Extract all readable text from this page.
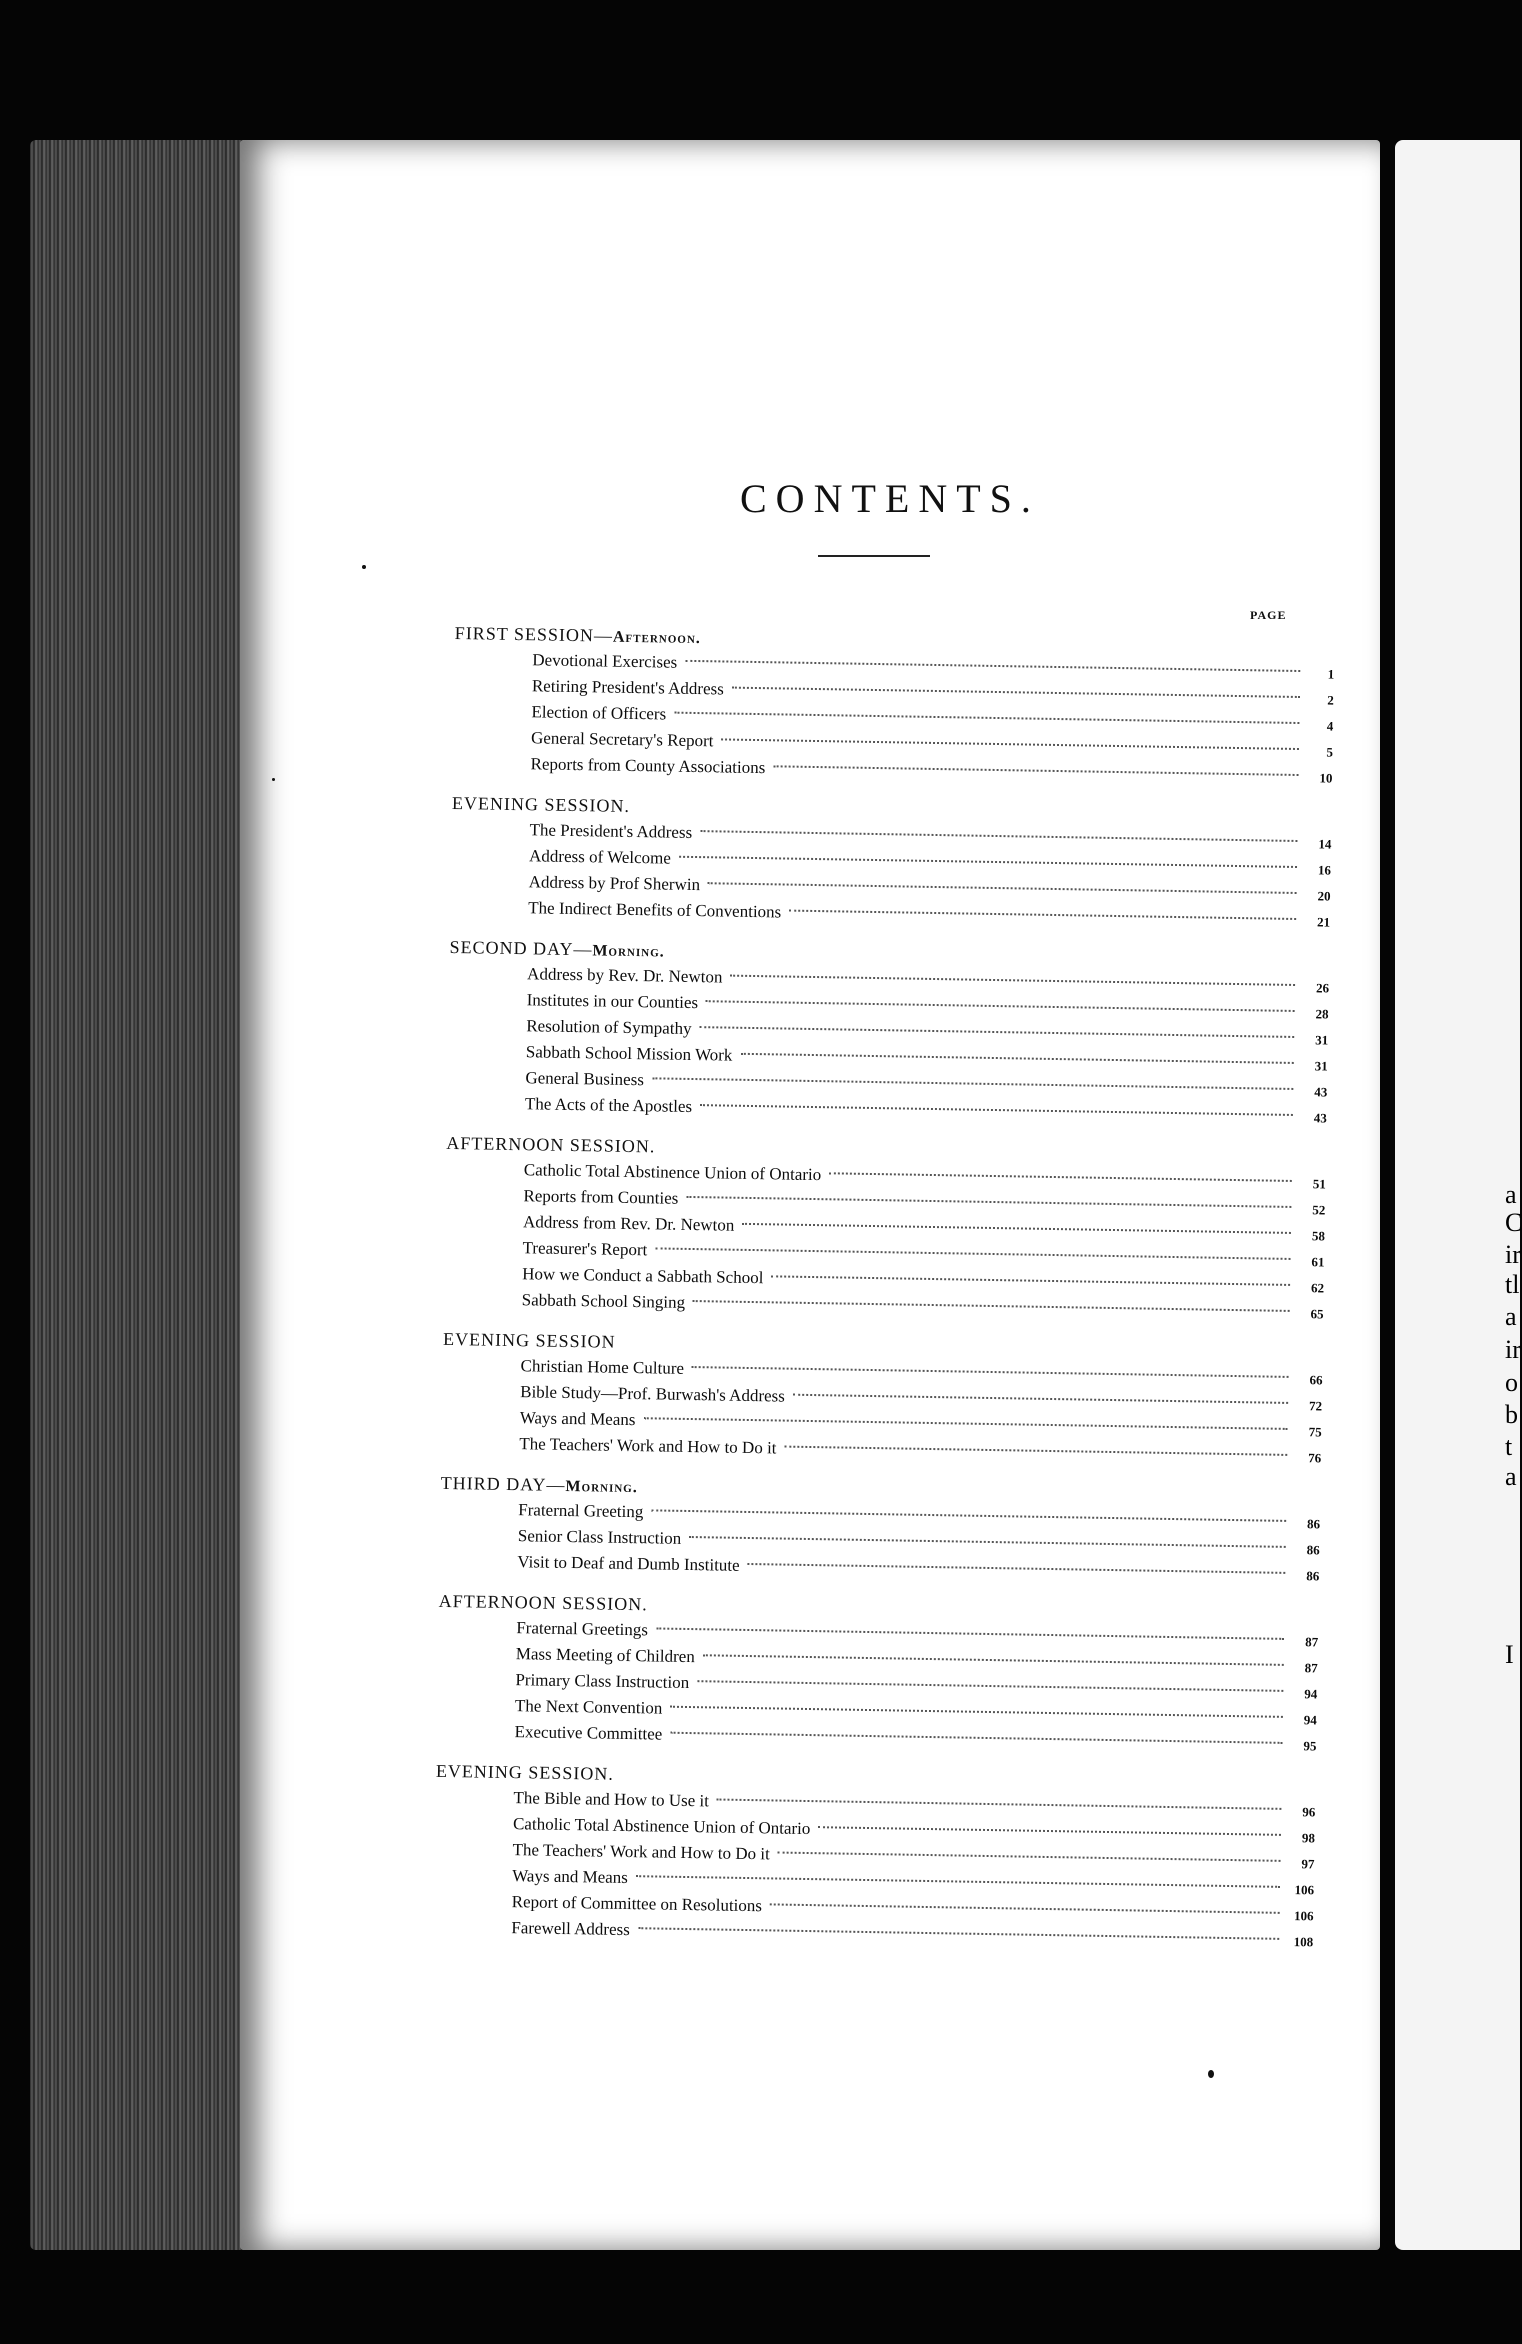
a
C
ir
tl
a
ir
o
b
t
a
I
CONTENTS.
PAGE
FIRST SESSION—Afternoon.
Devotional Exercises
1
Retiring President's Address
2
Election of Officers
4
General Secretary's Report
5
Reports from County Associations
10
EVENING SESSION.
The President's Address
14
Address of Welcome
16
Address by Prof Sherwin
20
The Indirect Benefits of Conventions
21
SECOND DAY—Morning.
Address by Rev. Dr. Newton
26
Institutes in our Counties
28
Resolution of Sympathy
31
Sabbath School Mission Work
31
General Business
43
The Acts of the Apostles
43
AFTERNOON SESSION.
Catholic Total Abstinence Union of Ontario	51
Reports from Counties
52
Address from Rev. Dr. Newton
58
Treasurer's Report
61
How we Conduct a Sabbath School
62
Sabbath School Singing
65
EVENING SESSION
Christian Home Culture
66
Bible Study—Prof. Burwash's Address
72
Ways and Means
75
The Teachers' Work and How to Do it
76
THIRD DAY—Morning.
Fraternal Greeting
86
Senior Class Instruction
86
Visit to Deaf and Dumb Institute
86
AFTERNOON SESSION.
Fraternal Greetings
87
Mass Meeting of Children
87
Primary Class Instruction
94
The Next Convention
94
Executive Committee
95
EVENING SESSION.
The Bible and How to Use it
96
Catholic Total Abstinence Union of Ontario	98
The Teachers' Work and How to Do it
97
Ways and Means
106
Report of Committee on Resolutions
106
Farewell Address
108
